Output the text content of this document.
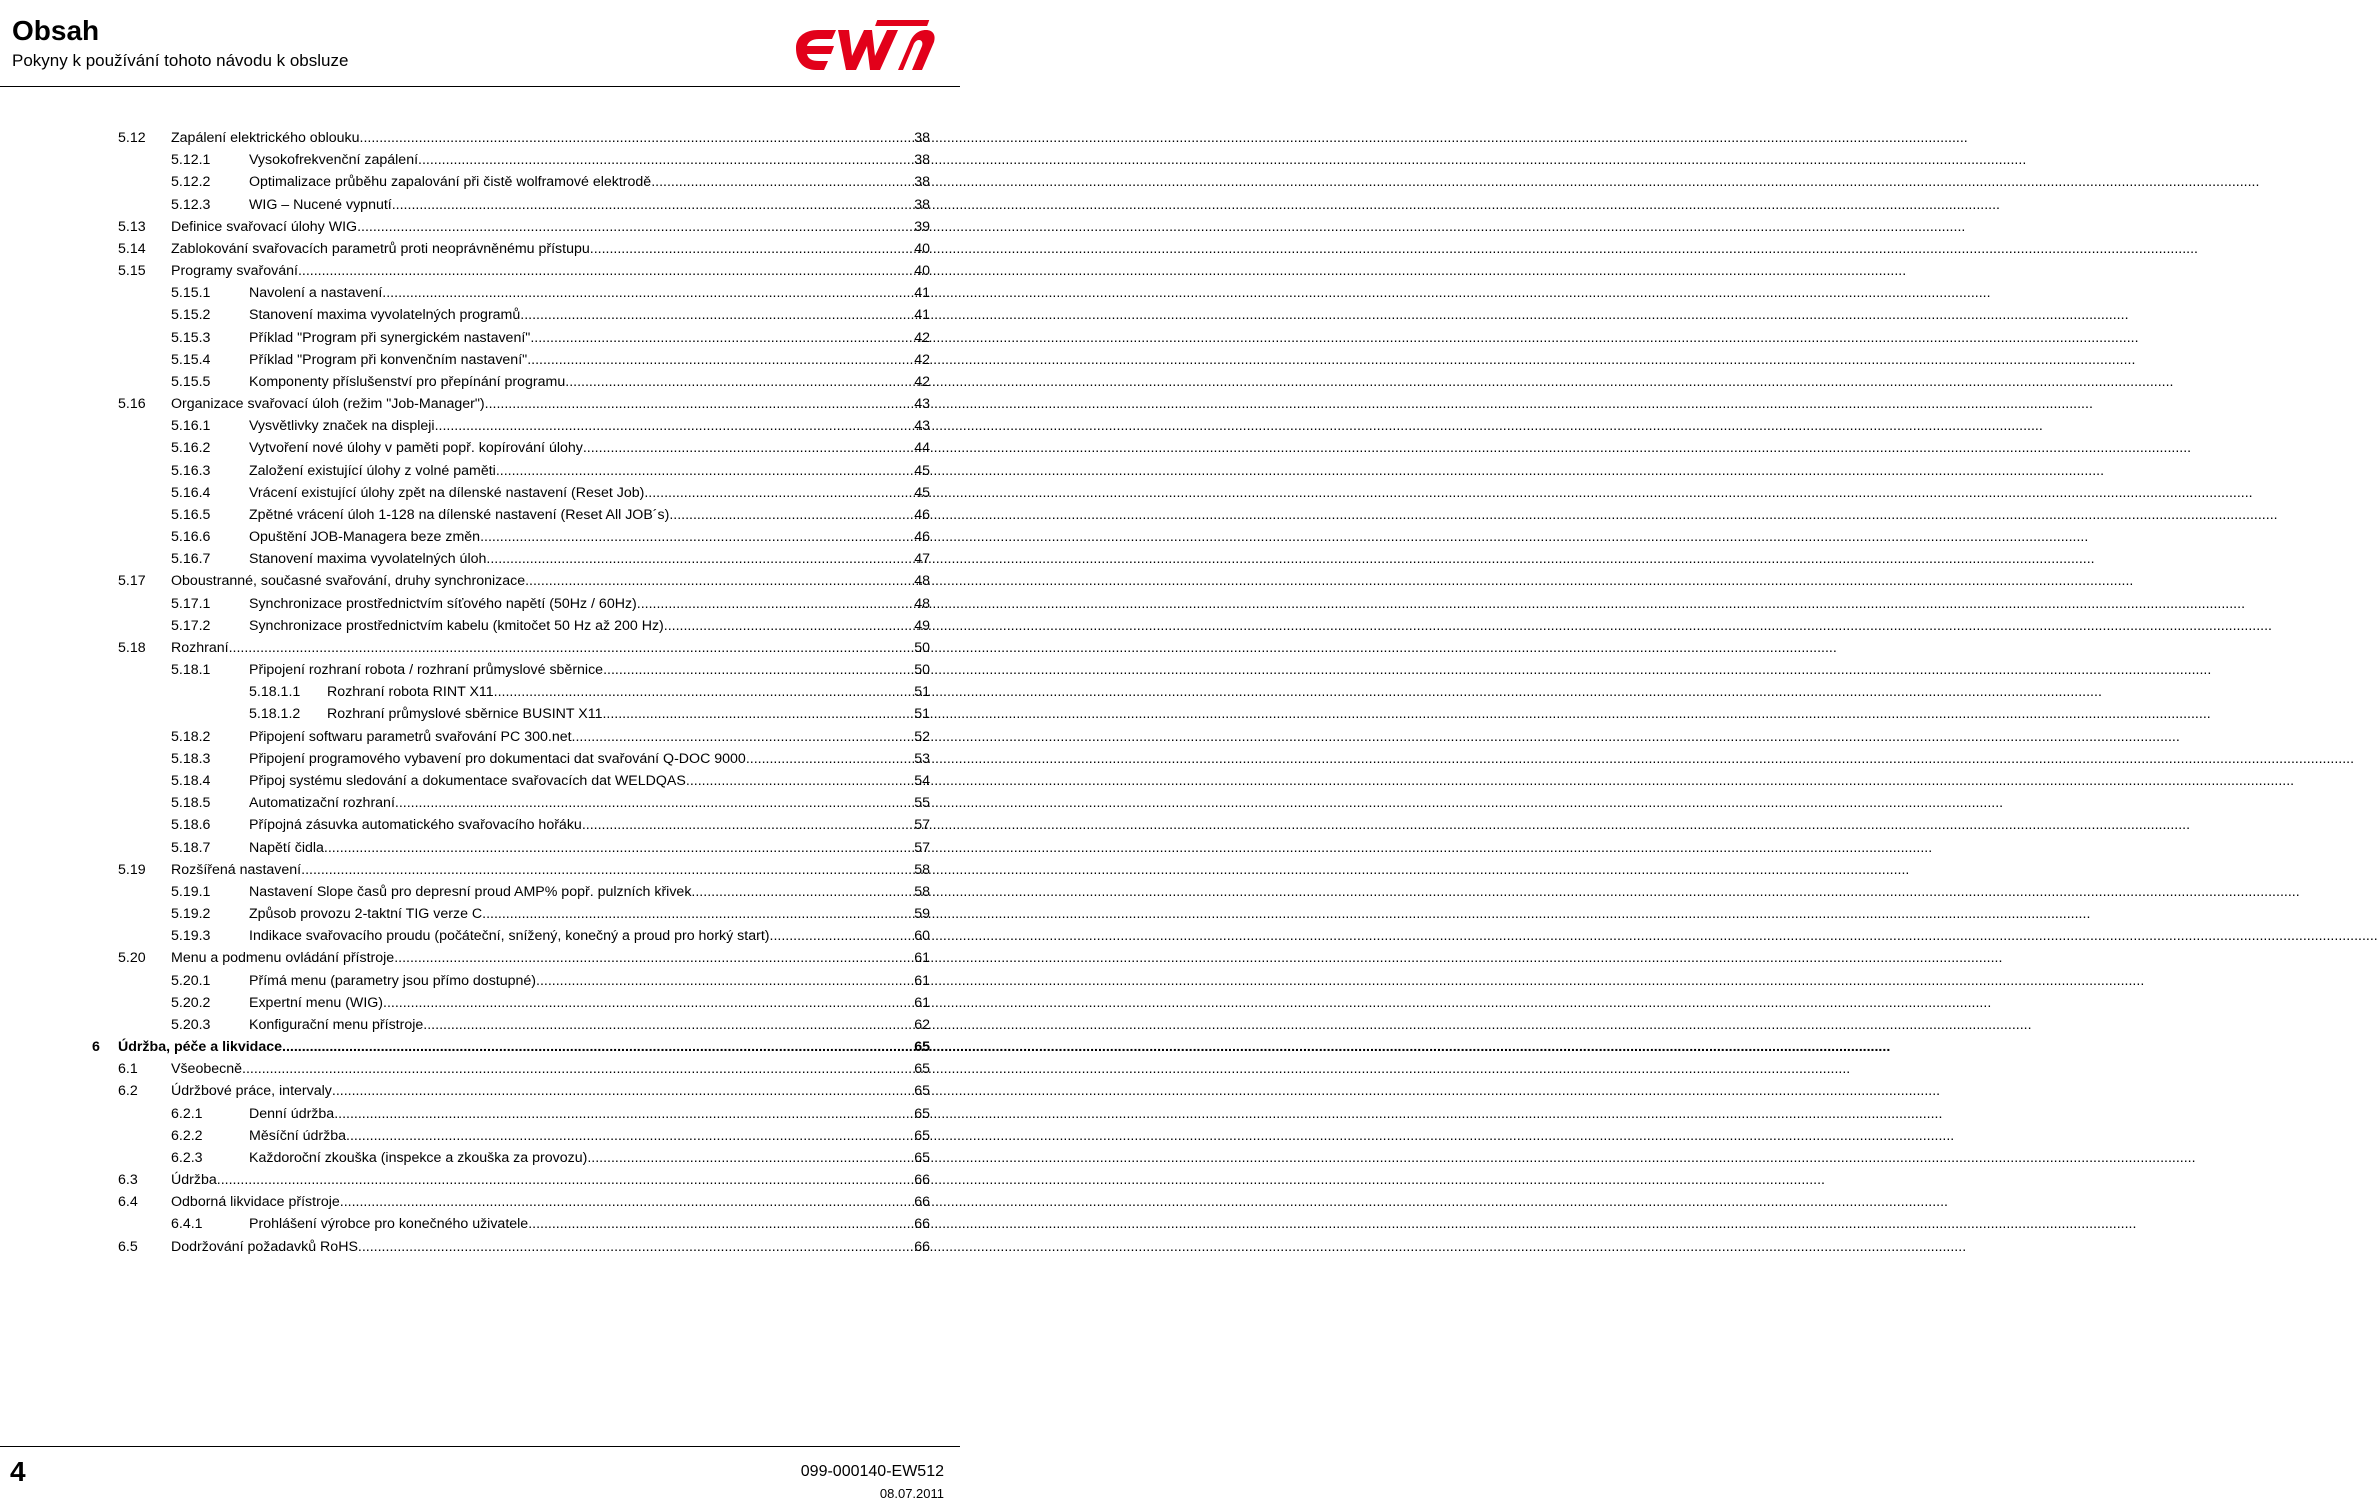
Obsah
Pokyny k používání tohoto návodu k obsluze
ewm
5.12 Zapálení elektrického oblouku .....	38
5.12.1	Vysokofrekvenční zapálení .....	38
5.12.2	Optimalizace průběhu zapalování při čistě wolframové elektrodě .....	38
5.12.3	WIG – Nucené vypnutí .....	38
5.13 Definice svařovací úlohy WIG .....	39
5.14 Zablokování svařovacích parametrů proti neoprávněnému přístupu .....	40
5.15 Programy svařování .....	40
5.15.1	Navolení a nastavení .....	41
5.15.2	Stanovení maxima vyvolatelných programů .....	41
5.15.3	Příklad "Program při synergickém nastavení" .....	42
5.15.4	Příklad "Program při konvenčním nastavení" .....	42
5.15.5	Komponenty příslušenství pro přepínání programu .....	42
5.16 Organizace svařovací úloh (režim "Job-Manager") .....	43
5.16.1	Vysvětlivky značek na displeji .....	43
5.16.2	Vytvoření nové úlohy v paměti popř. kopírování úlohy .....	44
5.16.3	Založení existující úlohy z volné paměti .....	45
5.16.4	Vrácení existující úlohy zpět na dílenské nastavení (Reset Job) .....	45
5.16.5	Zpětné vrácení úloh 1-128 na dílenské nastavení (Reset All JOB´s) .....	46
5.16.6	Opuštění JOB-Managera beze změn .....	46
5.16.7	Stanovení maxima vyvolatelných úloh .....	47
5.17 Oboustranné, současné svařování, druhy synchronizace .....	48
5.17.1	Synchronizace prostřednictvím síťového napětí (50Hz / 60Hz) .....	48
5.17.2	Synchronizace prostřednictvím kabelu (kmitočet 50 Hz až 200 Hz) .....	49
5.18 Rozhraní .....	50
5.18.1	Připojení rozhraní robota / rozhraní průmyslové sběrnice .....	50
5.18.1.1 Rozhraní robota RINT X11 .....	51
5.18.1.2 Rozhraní průmyslové sběrnice BUSINT X11 .....	51
5.18.2	Připojení softwaru parametrů svařování PC 300.net .....	52
5.18.3	Připojení programového vybavení pro dokumentaci dat svařování Q-DOC 9000 .....	53
5.18.4	Připoj systému sledování a dokumentace svařovacích dat WELDQAS .....	54
5.18.5	Automatizační rozhraní .....	55
5.18.6	Přípojná zásuvka automatického svařovacího hořáku .....	57
5.18.7	Napětí čidla .....	57
5.19 Rozšířená nastavení .....	58
5.19.1	Nastavení Slope časů pro depresní proud AMP% popř. pulzních křivek .....	58
5.19.2	Způsob provozu 2-taktní TIG verze C .....	59
5.19.3	Indikace svařovacího proudu (počáteční, snížený, konečný a proud pro horký start) .....	60
5.20 Menu a podmenu ovládání přístroje .....	61
5.20.1	Přímá menu (parametry jsou přímo dostupné) .....	61
5.20.2	Expertní menu (WIG) .....	61
5.20.3	Konfigurační menu přístroje .....	62
6 Údržba, péče a likvidace .....	65
6.1 Všeobecně .....	65
6.2 Údržbové práce, intervaly .....	65
6.2.1	Denní údržba .....	65
6.2.2	Měsíční údržba .....	65
6.2.3	Každoroční zkouška (inspekce a zkouška za provozu) .....	65
6.3 Údržba .....	66
6.4 Odborná likvidace přístroje .....	66
6.4.1	Prohlášení výrobce pro konečného uživatele .....	66
6.5 Dodržování požadavků RoHS .....	66
4	099-000140-EW512
08.07.2011
